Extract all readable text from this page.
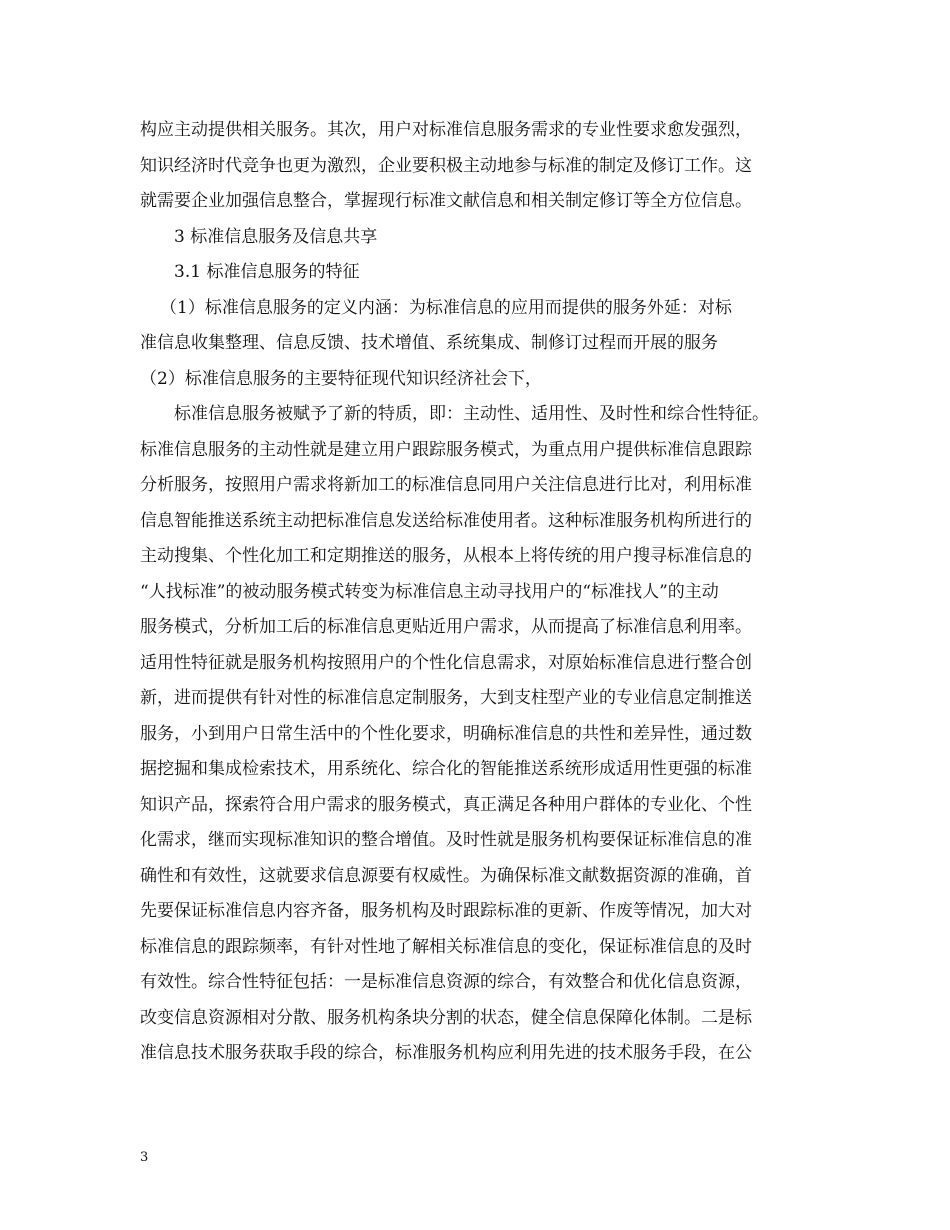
构应主动提供相关服务。其次，用户对标准信息服务需求的专业性要求愈发强烈，
知识经济时代竞争也更为激烈，企业要积极主动地参与标准的制定及修订工作。这
就需要企业加强信息整合，掌握现行标准文献信息和相关制定修订等全方位信息。
3 标准信息服务及信息共享
3.1 标准信息服务的特征
（1）标准信息服务的定义内涵：为标准信息的应用而提供的服务外延：对标
准信息收集整理、信息反馈、技术增值、系统集成、制修订过程而开展的服务
（2）标准信息服务的主要特征现代知识经济社会下，
标准信息服务被赋予了新的特质，即：主动性、适用性、及时性和综合性特征。
标准信息服务的主动性就是建立用户跟踪服务模式，为重点用户提供标准信息跟踪
分析服务，按照用户需求将新加工的标准信息同用户关注信息进行比对，利用标准
信息智能推送系统主动把标准信息发送给标准使用者。这种标准服务机构所进行的
主动搜集、个性化加工和定期推送的服务，从根本上将传统的用户搜寻标准信息的
“人找标准”的被动服务模式转变为标准信息主动寻找用户的“标准找人”的主动
服务模式，分析加工后的标准信息更贴近用户需求，从而提高了标准信息利用率。
适用性特征就是服务机构按照用户的个性化信息需求，对原始标准信息进行整合创
新，进而提供有针对性的标准信息定制服务，大到支柱型产业的专业信息定制推送
服务，小到用户日常生活中的个性化要求，明确标准信息的共性和差异性，通过数
据挖掘和集成检索技术，用系统化、综合化的智能推送系统形成适用性更强的标准
知识产品，探索符合用户需求的服务模式，真正满足各种用户群体的专业化、个性
化需求，继而实现标准知识的整合增值。及时性就是服务机构要保证标准信息的准
确性和有效性，这就要求信息源要有权威性。为确保标准文献数据资源的准确，首
先要保证标准信息内容齐备，服务机构及时跟踪标准的更新、作废等情况，加大对
标准信息的跟踪频率，有针对性地了解相关标准信息的变化，保证标准信息的及时
有效性。综合性特征包括：一是标准信息资源的综合，有效整合和优化信息资源，
改变信息资源相对分散、服务机构条块分割的状态，健全信息保障化体制。二是标
准信息技术服务获取手段的综合，标准服务机构应利用先进的技术服务手段，在公
3
